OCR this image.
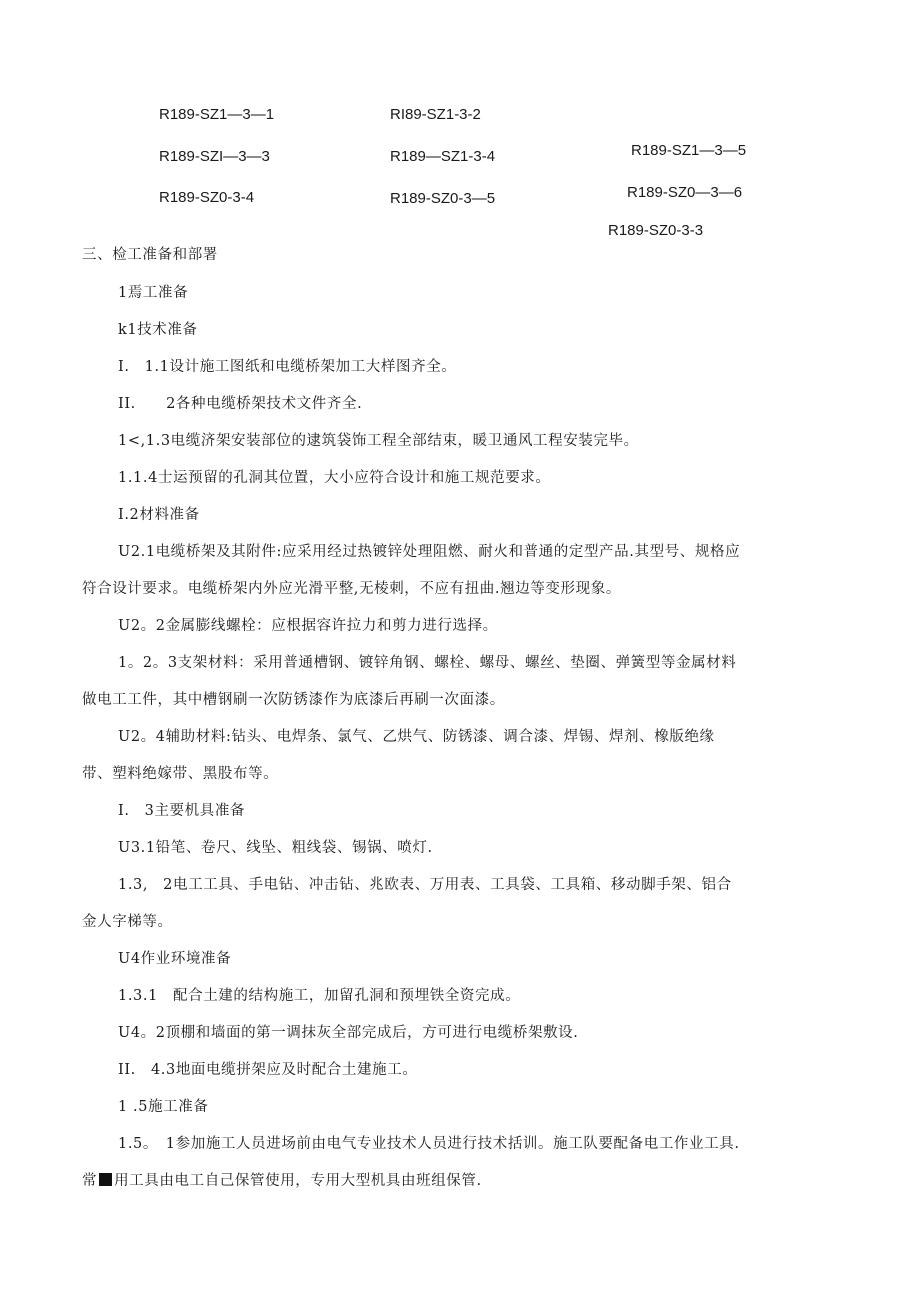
R189-SZ1—3—1	RI89-SZ1-3-2
R189-SZI—3—3	R189—SZ1-3-4	R189-SZ1—3—5
R189-SZ0-3-4	R189-SZ0-3—5	R189-SZ0—3—6
R189-SZ0-3-3

三、检工准备和部署

1焉工准备

k1技术准备

I.　1.1设计施工图纸和电缆桥架加工大样图齐全。

II.　　2各种电缆桥架技术文件齐全.

1<,1.3电缆济架安装部位的逮筑袋饰工程全部结束，暖卫通风工程安装完毕。

1.1.4士运预留的孔洞其位置，大小应符合设计和施工规范要求。

I.2材料准备

U2.1电缆桥架及其附件:应采用经过热镀锌处理阻燃、耐火和普通的定型产品.其型号、规格应

符合设计要求。电缆桥架内外应光滑平整,无棱刺，不应有扭曲.翘边等变形现象。

U2。2金属膨线螺栓：应根据容许拉力和剪力进行选择。

1。2。3支架材料：采用普通槽钢、镀锌角钢、螺栓、螺母、螺丝、垫圈、弹簧型等金属材料

做电工工件，其中槽钢刷一次防锈漆作为底漆后再刷一次面漆。

U2。4辅助材料:钻头、电焊条、氯气、乙烘气、防锈漆、调合漆、焊锡、焊剂、橡版绝缘

带、塑料绝嫁带、黑股布等。

I.　3主要机具准备

U3.1铅笔、卷尺、线坠、粗线袋、锡锅、喷灯.

1.3,　2电工工具、手电钻、冲击钻、兆欧表、万用表、工具袋、工具箱、移动脚手架、铝合

金人字梯等。

U4作业环境准备

1.3.1　配合土建的结构施工，加留孔洞和预埋铁全资完成。

U4。2顶棚和墙面的第一调抹灰全部完成后，方可进行电缆桥架敷设.

II.　4.3地面电缆拼架应及时配合土建施工。

1 .5施工准备

1.5。　1参加施工人员进场前由电气专业技术人员进行技术括训。施工队要配备电工作业工具.

常 用工具由电工自己保管使用，专用大型机具由班组保管.
